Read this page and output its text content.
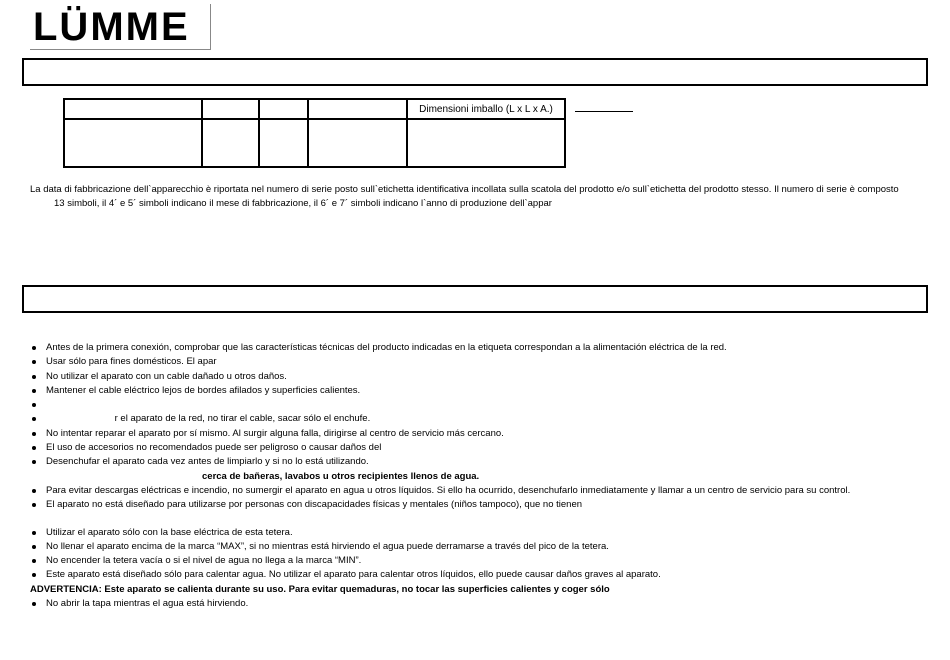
LÜMME
				Dimensioni imballo (L x L x A.)

La data di fabbricazione dell`apparecchio è riportata nel numero di serie posto sull`etichetta identificativa incollata sulla scatola del prodotto e/o sull`etichetta del prodotto stesso. Il numero di serie è composto
13 simboli, il 4´ e 5´ simboli indicano il mese di fabbricazione, il 6´ e 7´ simboli indicano l`anno di produzione dell`appar
Antes de la primera conexión, comprobar que las características técnicas del producto indicadas en la etiqueta correspondan a la alimentación eléctrica de la red.
Usar sólo para fines domésticos. El apar
No utilizar el aparato con un cable dañado u otros daños.
Mantener el cable eléctrico lejos de bordes afilados y superficies calientes.
r el aparato de la red, no tirar el cable, sacar sólo el enchufe.
No intentar reparar el aparato por sí mismo. Al surgir alguna falla, dirigirse al centro de servicio más cercano.
El uso de accesorios no recomendados puede ser peligroso o causar daños del
Desenchufar el aparato cada vez antes de limpiarlo y si no lo está utilizando.
cerca de bañeras, lavabos u otros recipientes llenos de agua.
Para evitar descargas eléctricas e incendio, no sumergir el aparato en agua u otros líquidos. Si ello ha ocurrido, desenchufarlo inmediatamente y llamar a un centro de servicio para su control.
El aparato no está diseñado para utilizarse por personas con discapacidades físicas y mentales (niños tampoco), que no tienen
Utilizar el aparato sólo con la base eléctrica de esta tetera.
No llenar el aparato encima de la marca “MAX”, si no mientras está hirviendo el agua puede derramarse a través del pico de la tetera.
No encender la tetera vacía o si el nivel de agua no llega a la marca “MIN”.
Este aparato está diseñado sólo para calentar agua. No utilizar el aparato para calentar otros líquidos, ello puede causar daños graves al aparato.
ADVERTENCIA: Este aparato se calienta durante su uso. Para evitar quemaduras, no tocar las superficies calientes y coger sólo
No abrir la tapa mientras el agua está hirviendo.
